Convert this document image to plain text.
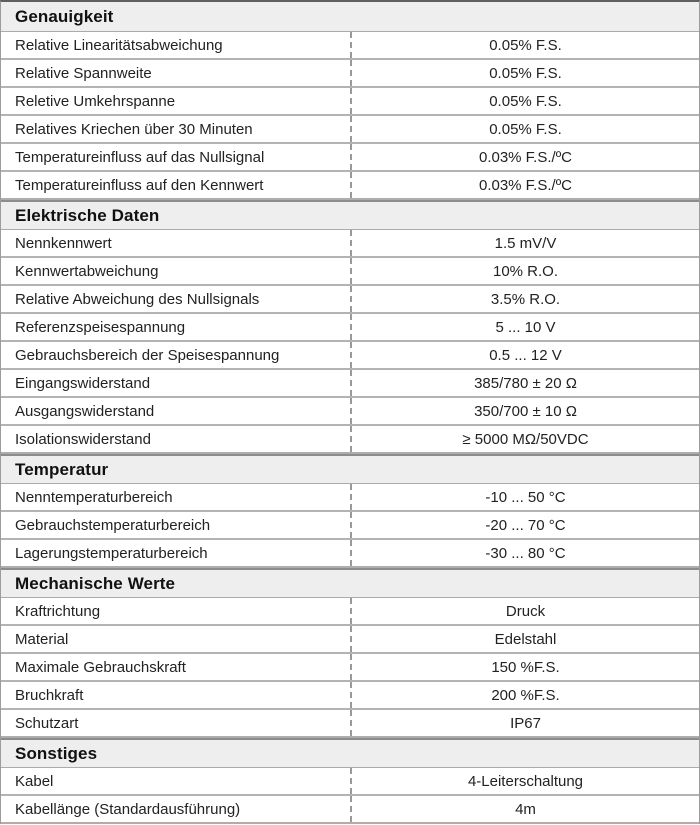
Genauigkeit
Relative Linearitätsabweichung	0.05% F.S.
Relative Spannweite	0.05% F.S.
Reletive Umkehrspanne	0.05% F.S.
Relatives Kriechen über 30 Minuten	0.05% F.S.
Temperatureinfluss auf das Nullsignal	0.03% F.S./ºC
Temperatureinfluss auf den Kennwert	0.03% F.S./ºC
Elektrische Daten
Nennkennwert	1.5 mV/V
Kennwertabweichung	10% R.O.
Relative Abweichung des Nullsignals	3.5% R.O.
Referenzspeisespannung	5 ... 10 V
Gebrauchsbereich der Speisespannung	0.5 ... 12 V
Eingangswiderstand	385/780 ± 20 Ω
Ausgangswiderstand	350/700 ± 10 Ω
Isolationswiderstand	≥ 5000 MΩ/50VDC
Temperatur
Nenntemperaturbereich	-10 ... 50 °C
Gebrauchstemperaturbereich	-20 ... 70 °C
Lagerungstemperaturbereich	-30 ... 80 °C
Mechanische Werte
Kraftrichtung	Druck
Material	Edelstahl
Maximale Gebrauchskraft	150 %F.S.
Bruchkraft	200 %F.S.
Schutzart	IP67
Sonstiges
Kabel	4-Leiterschaltung
Kabellänge (Standardausführung)	4m
